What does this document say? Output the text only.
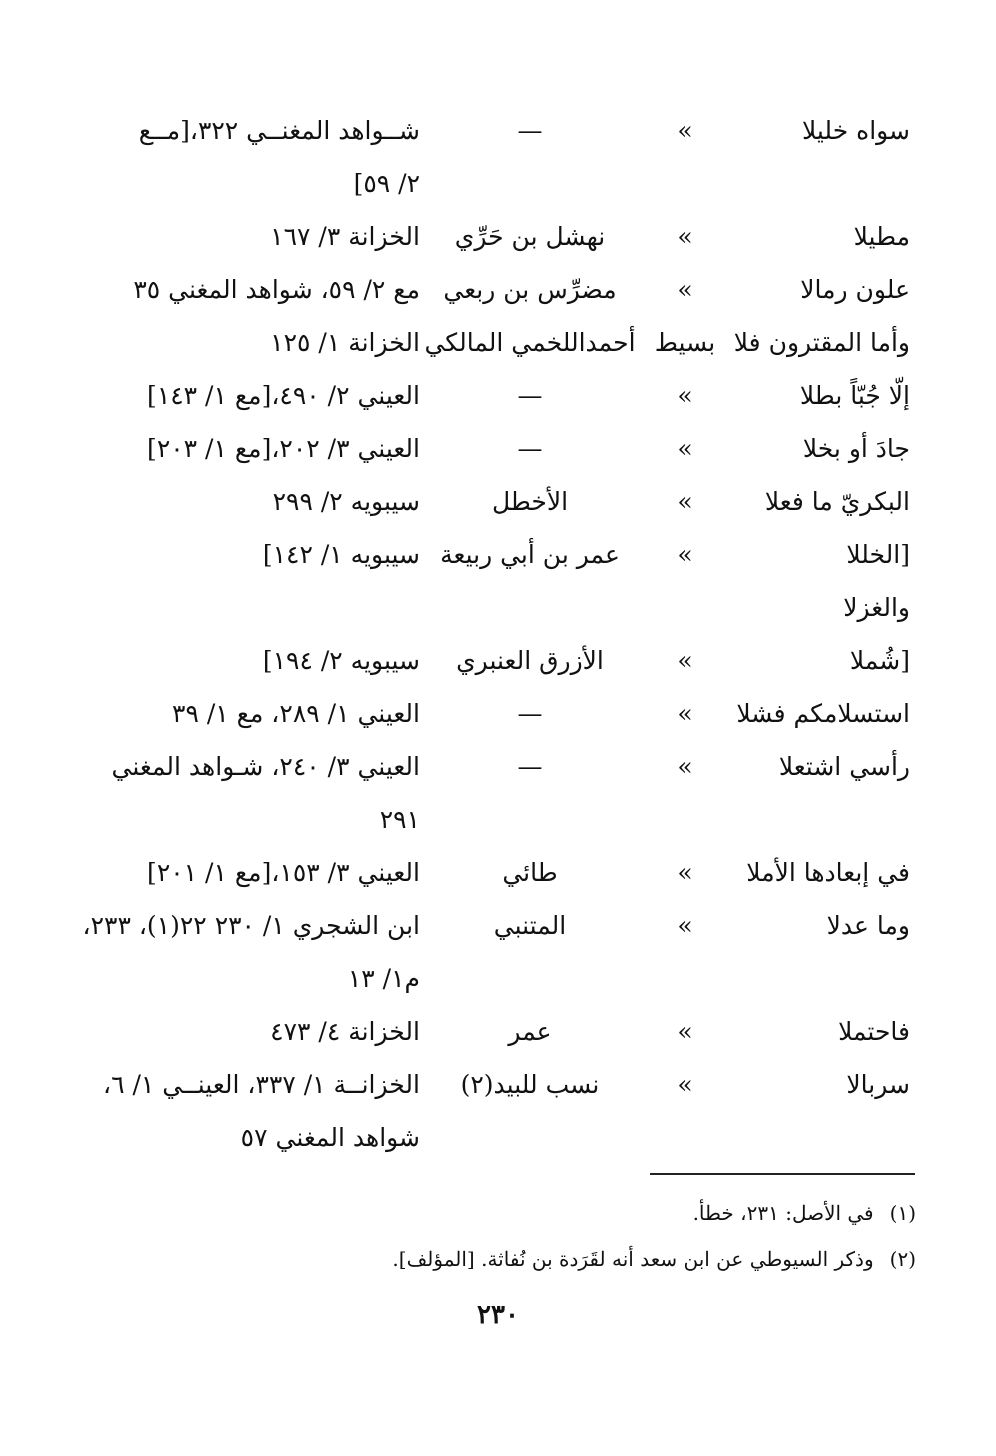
سواه خليلا
»
—
شــواهد المغنــي ٣٢٢،[مــع
٢/ ٥٩]
مطيلا
»
نهشل بن حَرِّي
الخزانة ٣/ ١٦٧
علون رمالا
»
مضرِّس بن ربعي
مع ٢/ ٥٩، شواهد المغني ٣٥
وأما المقترون فلا
بسيط
أحمداللخمي المالكي
الخزانة ١/ ١٢٥
إلّا جُبّاً بطلا
»
—
العيني ٢/ ٤٩٠،[مع ١/ ١٤٣]
جادَ أو بخلا
»
—
العيني ٣/ ٢٠٢،[مع ١/ ٢٠٣]
البكريّ ما فعلا
»
الأخطل
سيبويه ٢/ ٢٩٩
[الخللا
»
عمر بن أبي ربيعة
سيبويه ١/ ١٤٢]
والغزلا
[شُملا
»
الأزرق العنبري
سيبويه ٢/ ١٩٤]
استسلامكم فشلا
»
—
العيني ١/ ٢٨٩، مع ١/ ٣٩
رأسي اشتعلا
»
—
العيني ٣/ ٢٤٠، شـواهد المغني
٢٩١
في إبعادها الأملا
»
طائي
العيني ٣/ ١٥٣،[مع ١/ ٢٠١]
وما عدلا
»
المتنبي
ابن الشجري ١/ ٢٣٠ ٢٢(١)، ٢٣٣،
م١/ ١٣
فاحتملا
»
عمر
الخزانة ٤/ ٤٧٣
سربالا
»
نسب للبيد(٢)
الخزانــة ١/ ٣٣٧، العينــي ١/ ٦،
شواهد المغني ٥٧
(١)في الأصل: ٢٣١، خطأ.
(٢)وذكر السيوطي عن ابن سعد أنه لقَرَدة بن نُفاثة. [المؤلف].
٢٣٠
